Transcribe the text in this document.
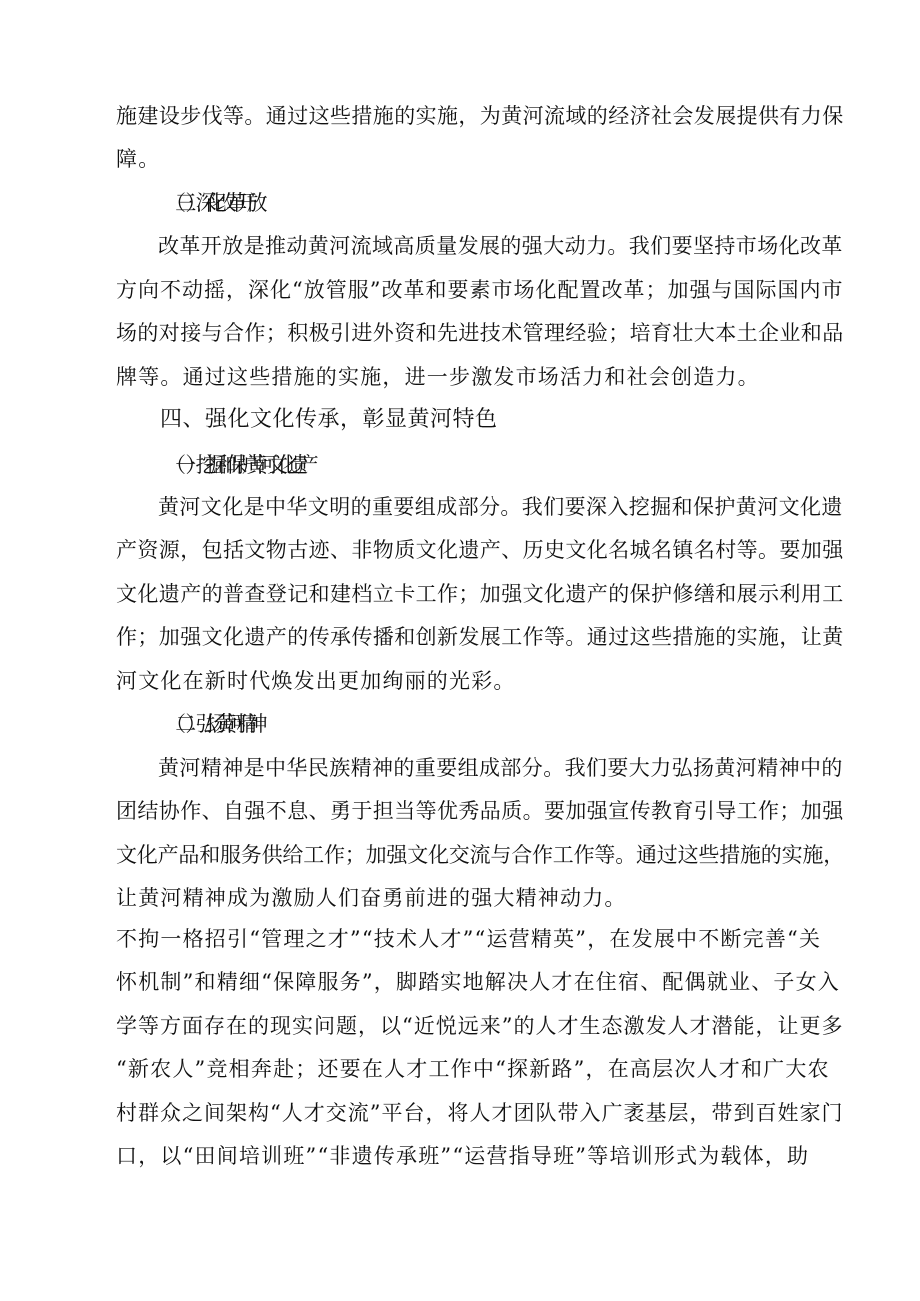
施建设步伐等。通过这些措施的实施，为黄河流域的经济社会发展提供有力保
障。
（三）深化改革开放
改革开放是推动黄河流域高质量发展的强大动力。我们要坚持市场化改革
方向不动摇，深化“放管服”改革和要素市场化配置改革；加强与国际国内市
场的对接与合作；积极引进外资和先进技术管理经验；培育壮大本土企业和品
牌等。通过这些措施的实施，进一步激发市场活力和社会创造力。
四、强化文化传承，彰显黄河特色
（一）挖掘和保护黄河文化遗产
黄河文化是中华文明的重要组成部分。我们要深入挖掘和保护黄河文化遗
产资源，包括文物古迹、非物质文化遗产、历史文化名城名镇名村等。要加强
文化遗产的普查登记和建档立卡工作；加强文化遗产的保护修缮和展示利用工
作；加强文化遗产的传承传播和创新发展工作等。通过这些措施的实施，让黄
河文化在新时代焕发出更加绚丽的光彩。
（二）弘扬黄河精神
黄河精神是中华民族精神的重要组成部分。我们要大力弘扬黄河精神中的
团结协作、自强不息、勇于担当等优秀品质。要加强宣传教育引导工作；加强
文化产品和服务供给工作；加强文化交流与合作工作等。通过这些措施的实施，
让黄河精神成为激励人们奋勇前进的强大精神动力。
不拘一格招引“管理之才”“技术人才”“运营精英”，在发展中不断完善“关
怀机制”和精细“保障服务”，脚踏实地解决人才在住宿、配偶就业、子女入
学等方面存在的现实问题，以“近悦远来”的人才生态激发人才潜能，让更多
“新农人”竞相奔赴；还要在人才工作中“探新路”，在高层次人才和广大农
村群众之间架构“人才交流”平台，将人才团队带入广袤基层，带到百姓家门
口，以“田间培训班”“非遗传承班”“运营指导班”等培训形式为载体，助
